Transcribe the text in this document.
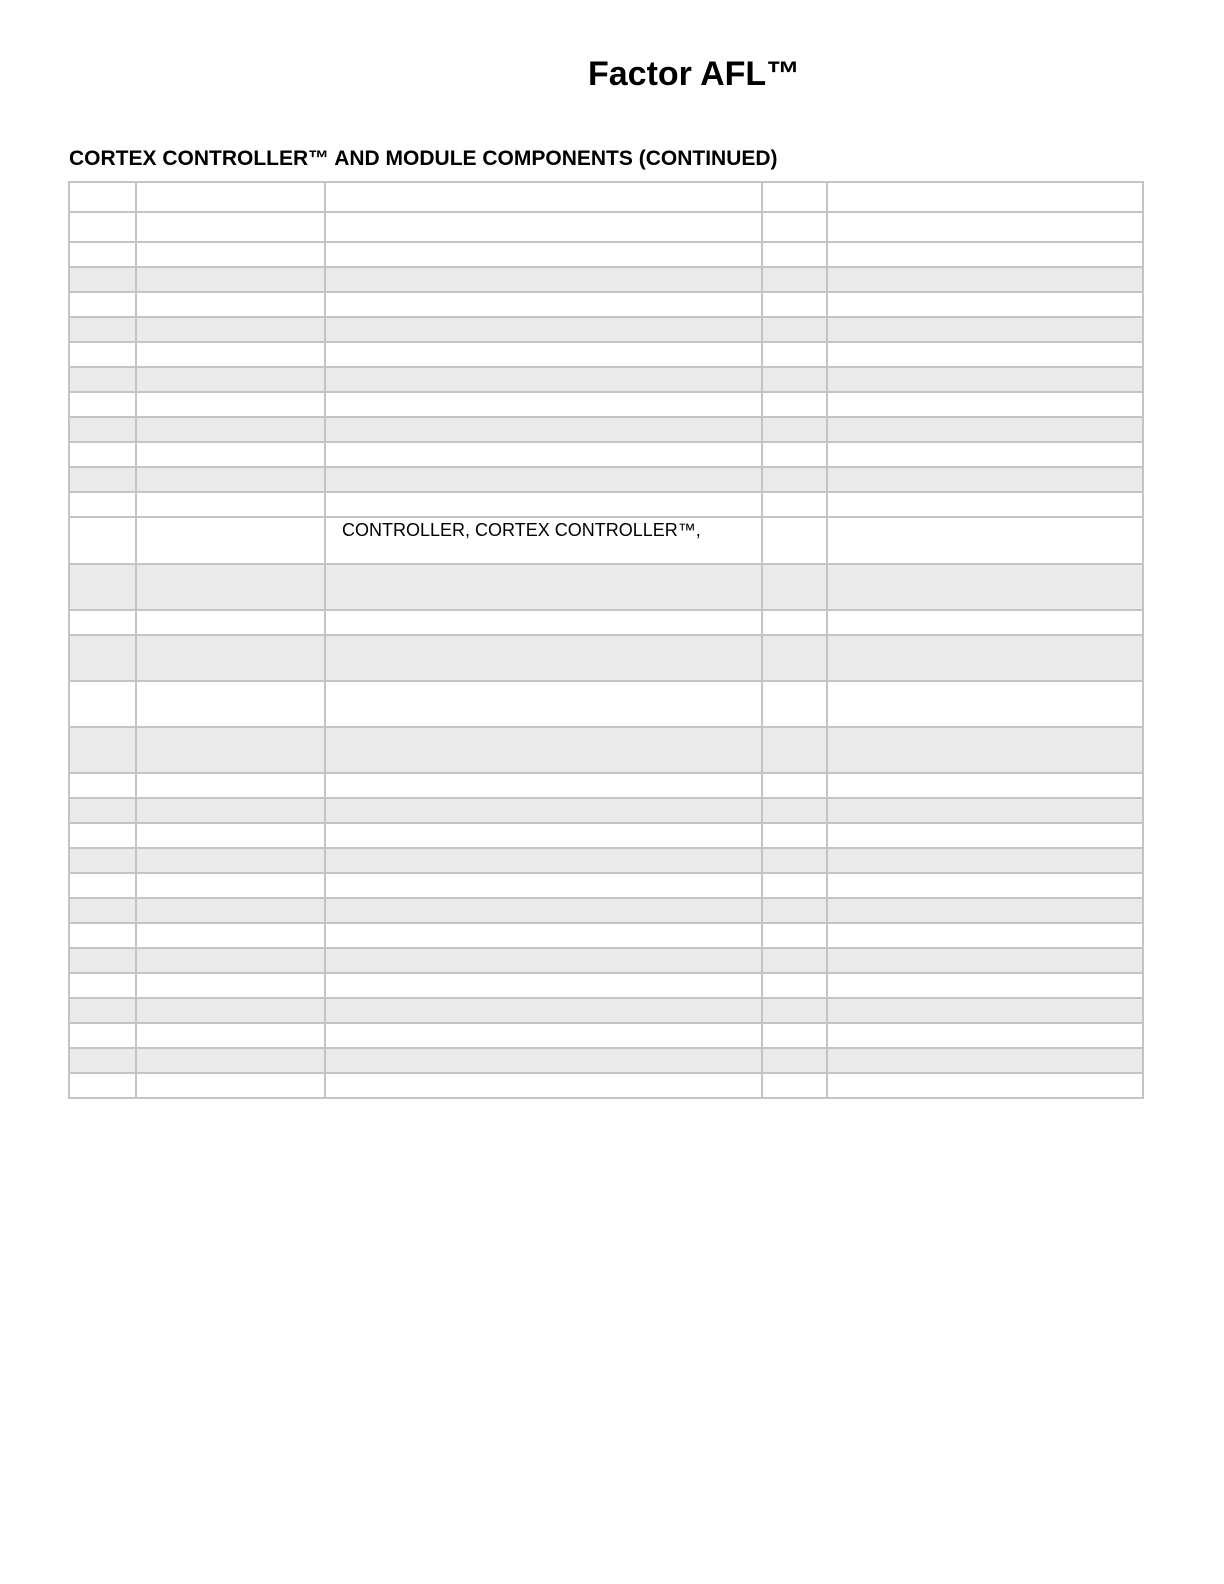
Factor AFL™
CORTEX CONTROLLER™ AND MODULE COMPONENTS (CONTINUED)

		CONTROLLER, CORTEX CONTROLLER™,		
